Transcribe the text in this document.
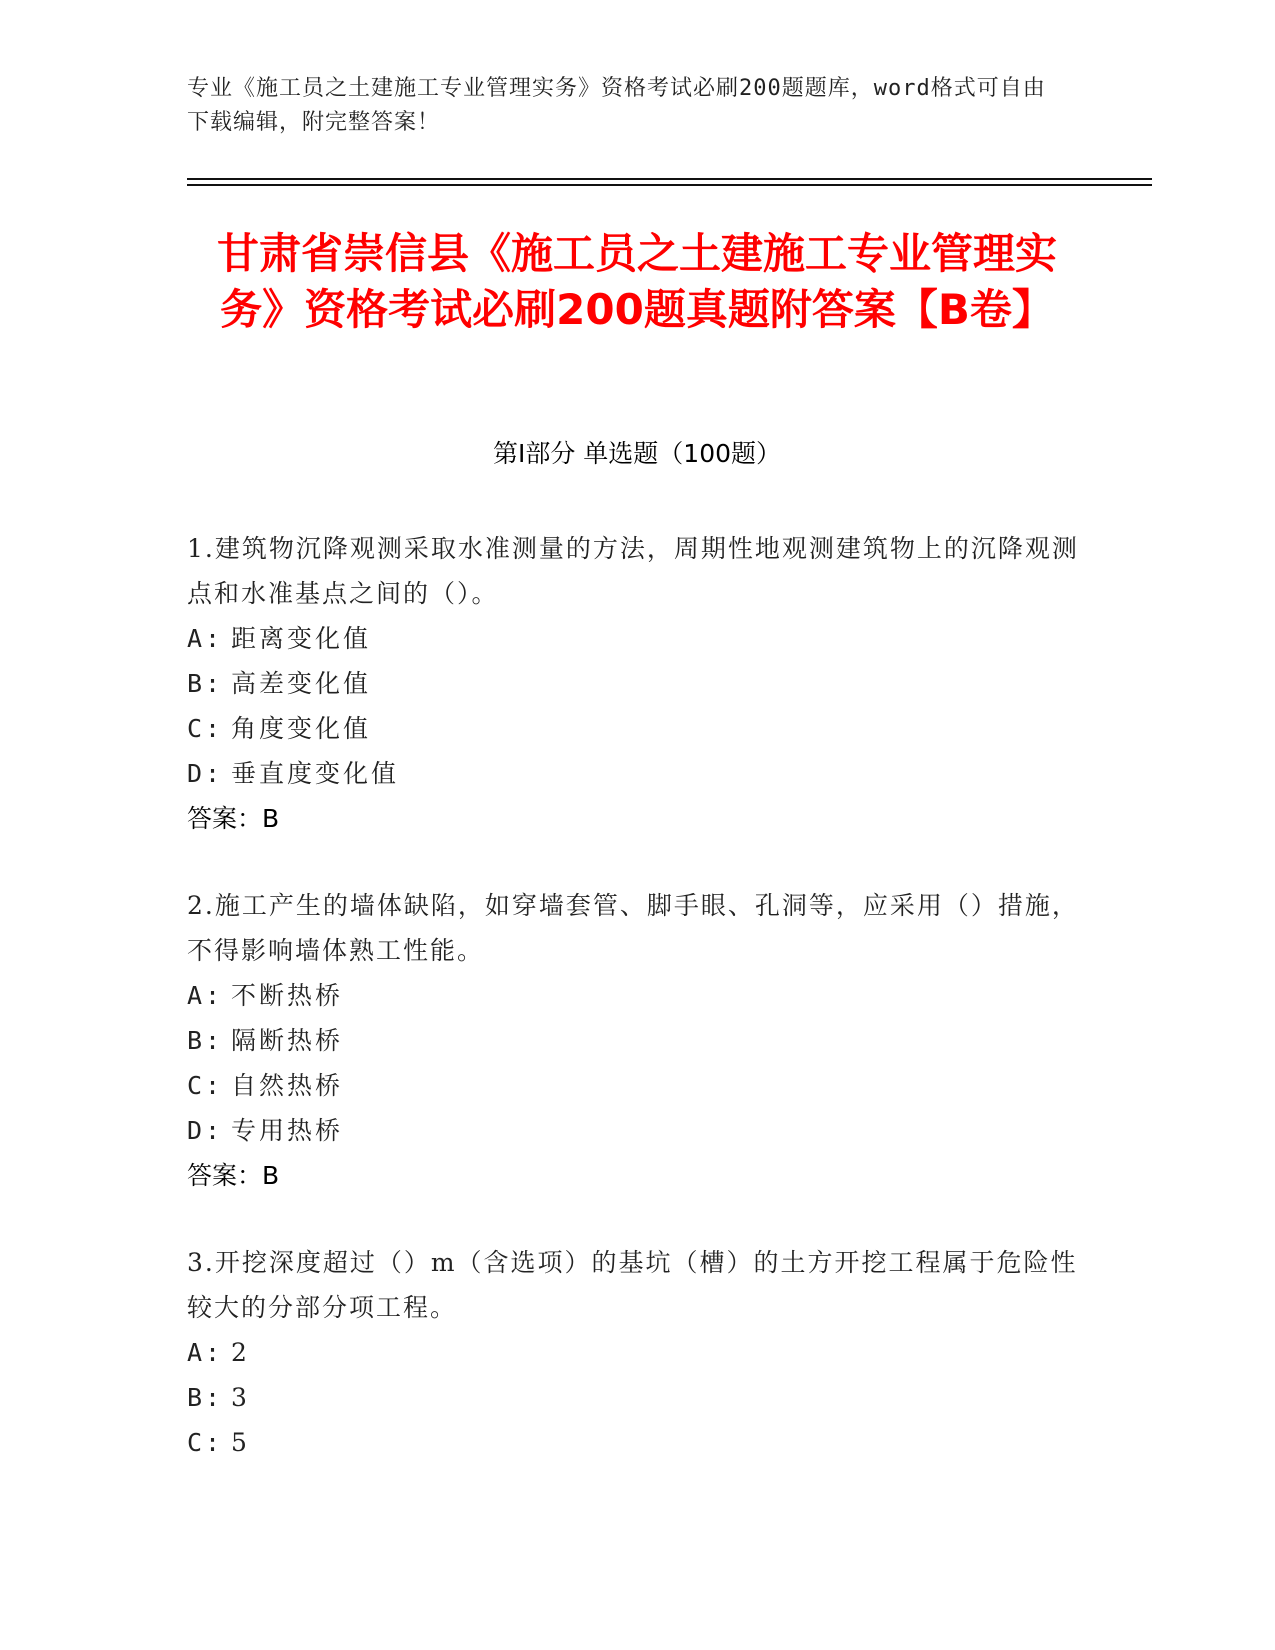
专业《施工员之土建施工专业管理实务》资格考试必刷200题题库，word格式可自由下载编辑，附完整答案！
甘肃省崇信县《施工员之土建施工专业管理实务》资格考试必刷200题真题附答案【B卷】
第Ⅰ部分 单选题（100题）
1.建筑物沉降观测采取水准测量的方法，周期性地观测建筑物上的沉降观测点和水准基点之间的（）。
A: 距离变化值
B: 高差变化值
C: 角度变化值
D: 垂直度变化值
答案：B
2.施工产生的墙体缺陷，如穿墙套管、脚手眼、孔洞等，应采用（）措施，不得影响墙体熟工性能。
A: 不断热桥
B: 隔断热桥
C: 自然热桥
D: 专用热桥
答案：B
3.开挖深度超过（）m（含选项）的基坑（槽）的土方开挖工程属于危险性较大的分部分项工程。
A: 2
B: 3
C: 5
